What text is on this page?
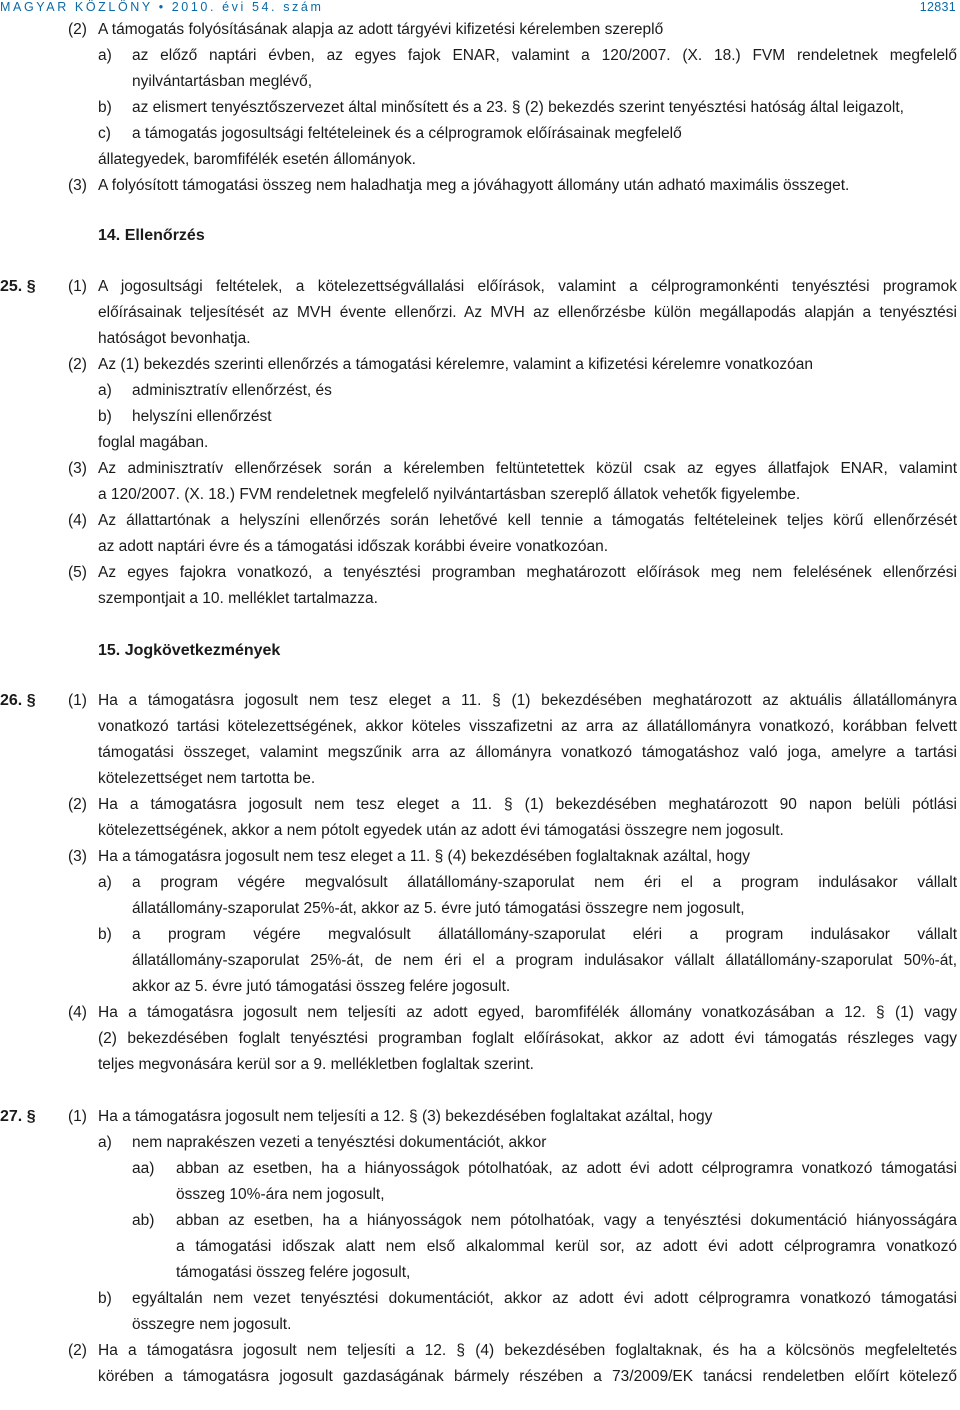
MAGYAR KÖZLÖNY • 2010. évi 54. szám	12831
(2) A támogatás folyósításának alapja az adott tárgyévi kifizetési kérelemben szereplő
a) az előző naptári évben, az egyes fajok ENAR, valamint a 120/2007. (X. 18.) FVM rendeletnek megfelelő
nyilvántartásban meglévő,
b) az elismert tenyésztőszervezet által minősített és a 23. § (2) bekezdés szerint tenyésztési hatóság által leigazolt,
c) a támogatás jogosultsági feltételeinek és a célprogramok előírásainak megfelelő
állategyedek, baromfifélék esetén állományok.
(3) A folyósított támogatási összeg nem haladhatja meg a jóváhagyott állomány után adható maximális összeget.
14. Ellenőrzés
25. § (1) A jogosultsági feltételek, a kötelezettségvállalási előírások, valamint a célprogramonkénti tenyésztési programok
előírásainak teljesítését az MVH évente ellenőrzi. Az MVH az ellenőrzésbe külön megállapodás alapján a tenyésztési
hatóságot bevonhatja.
(2) Az (1) bekezdés szerinti ellenőrzés a támogatási kérelemre, valamint a kifizetési kérelemre vonatkozóan
a) adminisztratív ellenőrzést, és
b) helyszíni ellenőrzést
foglal magában.
(3) Az adminisztratív ellenőrzések során a kérelemben feltüntetettek közül csak az egyes állatfajok ENAR, valamint
a 120/2007. (X. 18.) FVM rendeletnek megfelelő nyilvántartásban szereplő állatok vehetők figyelembe.
(4) Az állattartónak a helyszíni ellenőrzés során lehetővé kell tennie a támogatás feltételeinek teljes körű ellenőrzését
az adott naptári évre és a támogatási időszak korábbi éveire vonatkozóan.
(5) Az egyes fajokra vonatkozó, a tenyésztési programban meghatározott előírások meg nem felelésének ellenőrzési
szempontjait a 10. melléklet tartalmazza.
15. Jogkövetkezmények
26. § (1) Ha a támogatásra jogosult nem tesz eleget a 11. § (1) bekezdésében meghatározott az aktuális állatállományra
vonatkozó tartási kötelezettségének, akkor köteles visszafizetni az arra az állatállományra vonatkozó, korábban felvett
támogatási összeget, valamint megszűnik arra az állományra vonatkozó támogatáshoz való joga, amelyre a tartási
kötelezettséget nem tartotta be.
(2) Ha a támogatásra jogosult nem tesz eleget a 11. § (1) bekezdésében meghatározott 90 napon belüli pótlási
kötelezettségének, akkor a nem pótolt egyedek után az adott évi támogatási összegre nem jogosult.
(3) Ha a támogatásra jogosult nem tesz eleget a 11. § (4) bekezdésében foglaltaknak azáltal, hogy
a) a program végére megvalósult állatállomány-szaporulat nem éri el a program indulásakor vállalt
állatállomány-szaporulat 25%-át, akkor az 5. évre jutó támogatási összegre nem jogosult,
b) a program végére megvalósult állatállomány-szaporulat eléri a program indulásakor vállalt
állatállomány-szaporulat 25%-át, de nem éri el a program indulásakor vállalt állatállomány-szaporulat 50%-át,
akkor az 5. évre jutó támogatási összeg felére jogosult.
(4) Ha a támogatásra jogosult nem teljesíti az adott egyed, baromfifélék állomány vonatkozásában a 12. § (1) vagy
(2) bekezdésében foglalt tenyésztési programban foglalt előírásokat, akkor az adott évi támogatás részleges vagy
teljes megvonására kerül sor a 9. mellékletben foglaltak szerint.
27. § (1) Ha a támogatásra jogosult nem teljesíti a 12. § (3) bekezdésében foglaltakat azáltal, hogy
a) nem naprakészen vezeti a tenyésztési dokumentációt, akkor
aa) abban az esetben, ha a hiányosságok pótolhatóak, az adott évi adott célprogramra vonatkozó támogatási
összeg 10%-ára nem jogosult,
ab) abban az esetben, ha a hiányosságok nem pótolhatóak, vagy a tenyésztési dokumentáció hiányosságára
a támogatási időszak alatt nem első alkalommal kerül sor, az adott évi adott célprogramra vonatkozó
támogatási összeg felére jogosult,
b) egyáltalán nem vezet tenyésztési dokumentációt, akkor az adott évi adott célprogramra vonatkozó támogatási
összegre nem jogosult.
(2) Ha a támogatásra jogosult nem teljesíti a 12. § (4) bekezdésében foglaltaknak, és ha a kölcsönös megfeleltetés
körében a támogatásra jogosult gazdaságának bármely részében a 73/2009/EK tanácsi rendeletben előírt kötelező
